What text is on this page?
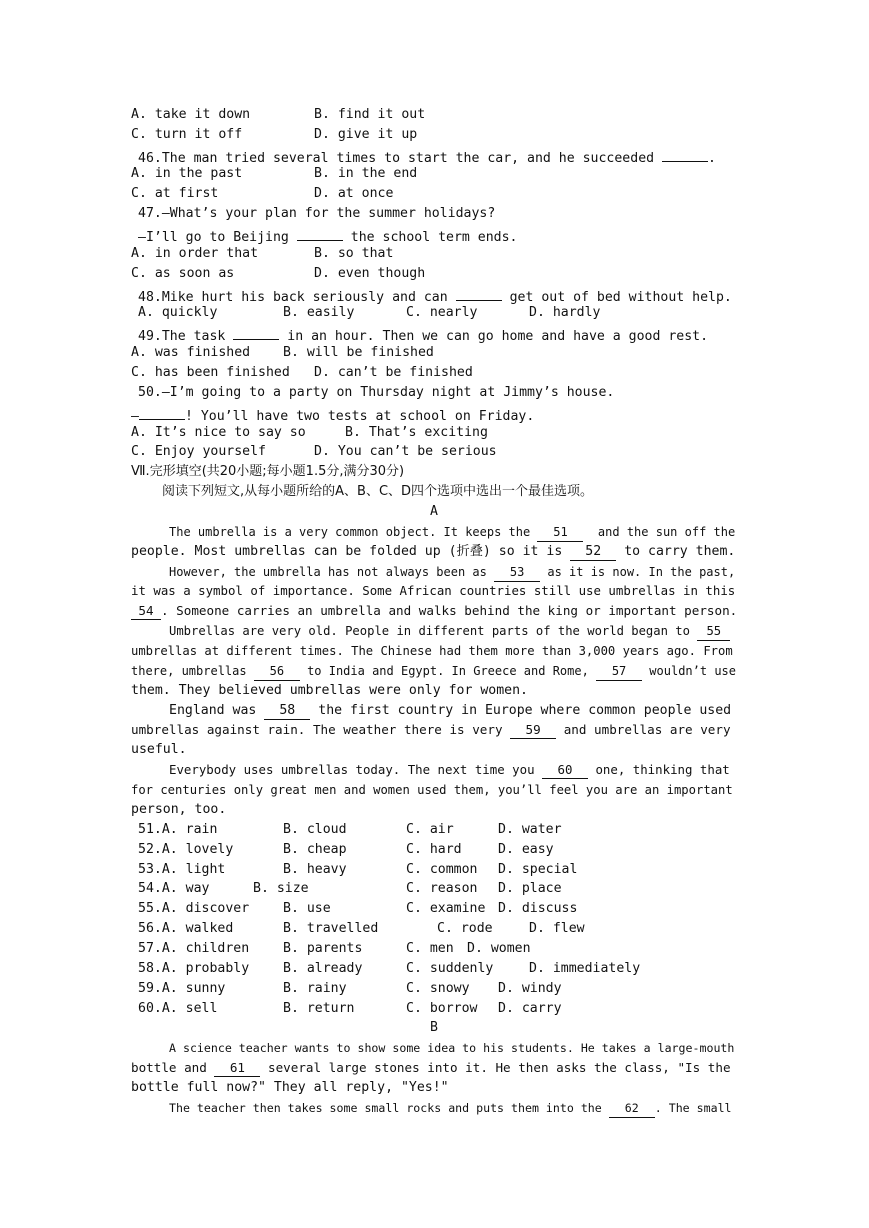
A. take it down	B. find it out
C. turn it off	D. give it up
46.The man tried several times to start the car, and he succeeded	.
A. in the past	B. in the end
C. at first	D. at once
47.—What’s your plan for the summer holidays?
—I’ll go to Beijing	the school term ends.
A. in order that	B. so that
C. as soon as	D. even though
48.Mike hurt his back seriously and can	get out of bed without help.
A. quickly	B. easily	C. nearly	D. hardly
49.The task	in an hour. Then we can go home and have a good rest.
A. was finished B. will be finished
C. has been finished D. can’t be finished
50.—I’m going to a party on Thursday night at Jimmy’s house.
—	! You’ll have two tests at school on Friday.
A. It’s nice to say so	B. That’s exciting
C. Enjoy yourself	D. You can’t be serious
Ⅶ.完形填空(共20小题;每小题1.5分,满分30分)
阅读下列短文,从每小题所给的A、B、C、D四个选项中选出一个最佳选项。
A
The umbrella is a very common object. It keeps the 51	and the sun off the
people. Most umbrellas can be folded up (折叠) so it is 52 to carry them.
However, the umbrella has not always been as 53 as it is now. In the past,
it was a symbol of importance. Some African countries still use umbrellas in this
54 . Someone carries an umbrella and walks behind the king or important person.
Umbrellas are very old. People in different parts of the world began to 55
umbrellas at different times. The Chinese had them more than 3,000 years ago. From
there, umbrellas 56 to India and Egypt. In Greece and Rome, 57 wouldn’t use
them. They believed umbrellas were only for women.
England was 58 the first country in Europe where common people used
umbrellas against rain. The weather there is very 59 and umbrellas are very
useful.
Everybody uses umbrellas today. The next time you 60 one, thinking that
for centuries only great men and women used them, you’ll feel you are an important
person, too.
51.A. rain	B. cloud	C. air	D. water
52.A. lovely	B. cheap	C. hard	D. easy
53.A. light	B. heavy	C. common D. special
54.A. way	B. size	C. reason D. place
55.A. discover	B. use	C. examine D. discuss
56.A. walked	B. travelled	C. rode	D. flew
57.A. children	B. parents	C. men D. women
58.A. probably	B. already	C. suddenly	D. immediately
59.A. sunny	B. rainy	C. snowy D. windy
60.A. sell	B. return	C. borrow D. carry
B
A science teacher wants to show some idea to his students. He takes a large-mouth
bottle and 61 several large stones into it. He then asks the class, "Is the
bottle full now?" They all reply, "Yes!"
The teacher then takes some small rocks and puts them into the 62 . The small
